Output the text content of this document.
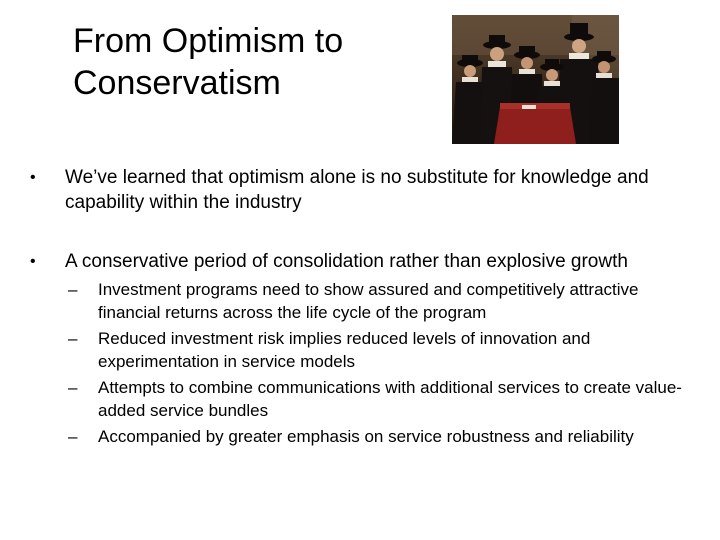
From Optimism to
Conservatism
•	We’ve learned that optimism alone is no substitute for knowledge and capability within the industry
•	A conservative period of consolidation rather than explosive growth
– Investment programs need to show assured and competitively attractive financial returns across the life cycle of the program
– Reduced investment risk implies reduced levels of innovation and experimentation in service models
– Attempts to combine communications with additional services to create value-added service bundles
– Accompanied by greater emphasis on service robustness and reliability
